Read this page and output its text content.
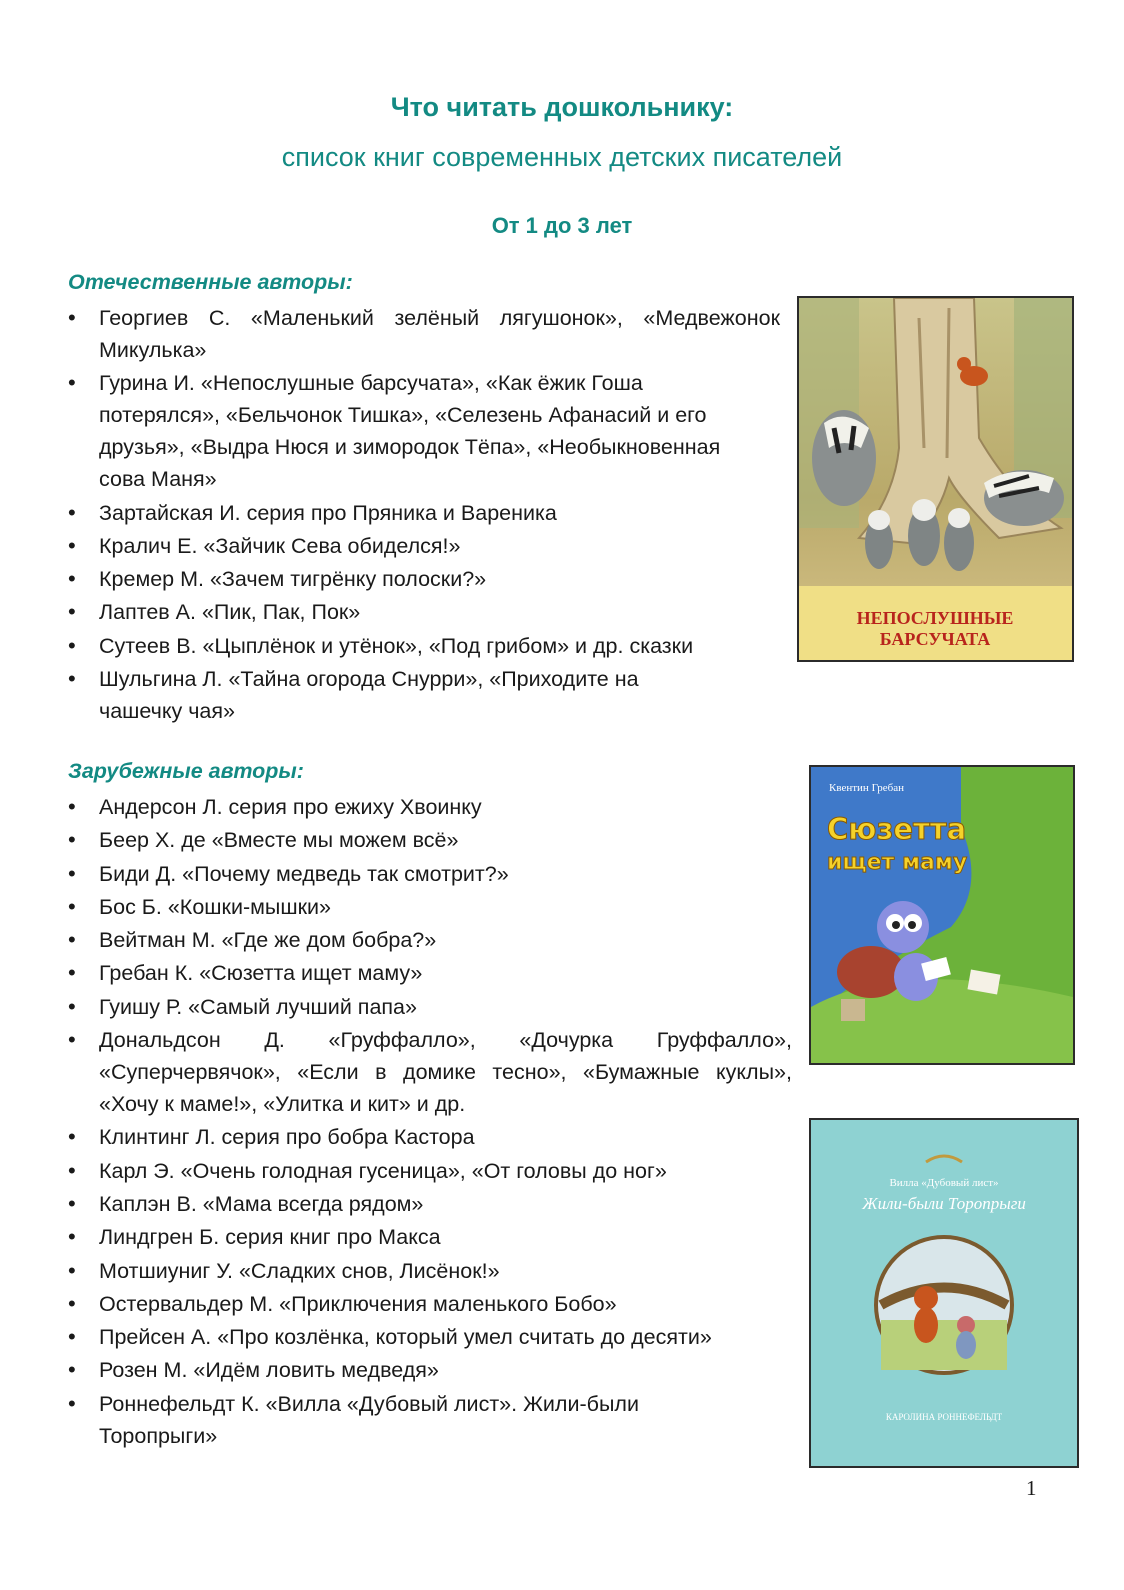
Что читать дошкольнику:
список книг современных детских писателей
От 1 до 3 лет
Отечественные авторы:
• Георгиев С. «Маленький зелёный лягушонок», «Медвежонок Микулька»
• Гурина И. «Непослушные барсучата», «Как ёжик Гоша потерялся», «Бельчонок Тишка», «Селезень Афанасий и его друзья», «Выдра Нюся и зимородок Тёпа», «Необыкновенная сова Маня»
• Зартайская И. серия про Пряника и Вареника
• Кралич Е. «Зайчик Сева обиделся!»
• Кремер М. «Зачем тигрёнку полоски?»
• Лаптев А. «Пик, Пак, Пок»
• Сутеев В. «Цыплёнок и утёнок», «Под грибом» и др. сказки
• Шульгина Л. «Тайна огорода Снурри», «Приходите на чашечку чая»
Зарубежные авторы:
• Андерсон Л. серия про ежиху Хвоинку
• Беер Х. де «Вместе мы можем всё»
• Биди Д. «Почему медведь так смотрит?»
• Бос Б. «Кошки-мышки»
• Вейтман М. «Где же дом бобра?»
• Гребан К. «Сюзетта ищет маму»
• Гуишу Р. «Самый лучший папа»
• Дональдсон Д. «Груффалло», «Дочурка Груффалло», «Суперчервячок», «Если в домике тесно», «Бумажные куклы», «Хочу к маме!», «Улитка и кит» и др.
• Клинтинг Л. серия про бобра Кастора
• Карл Э. «Очень голодная гусеница», «От головы до ног»
• Каплэн В. «Мама всегда рядом»
• Линдгрен Б. серия книг про Макса
• Мотшиуниг У. «Сладких снов, Лисёнок!»
• Остервальдер М. «Приключения маленького Бобо»
• Прейсен А. «Про козлёнка, который умел считать до десяти»
• Розен М. «Идём ловить медведя»
• Роннефельдт К. «Вилла «Дубовый лист». Жили-были Торопрыги»
НЕПОСЛУШНЫЕ
БАРСУЧАТА
Квентин Гребан
Сюзетта
ищет маму
Вилла «Дубовый лист»
Жили-были Торопрыги
КАРОЛИНА РОННЕФЕЛЬДТ
1
